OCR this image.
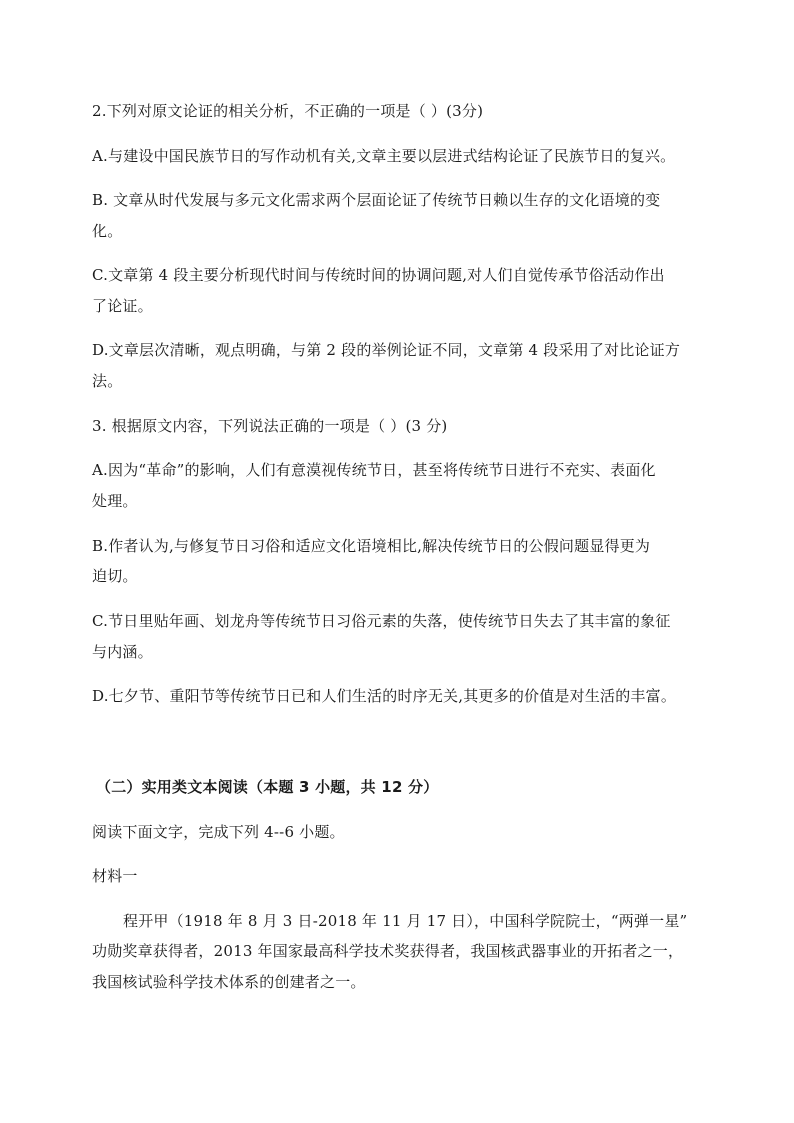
2.下列对原文论证的相关分析，不正确的一项是（ ）(3分)
A.与建设中国民族节日的写作动机有关,文章主要以层进式结构论证了民族节日的复兴。
B. 文章从时代发展与多元文化需求两个层面论证了传统节日赖以生存的文化语境的变
化。
C.文章第 4 段主要分析现代时间与传统时间的协调问题,对人们自觉传承节俗活动作出
了论证。
D.文章层次清晰，观点明确，与第 2 段的举例论证不同，文章第 4 段采用了对比论证方
法。
3. 根据原文内容，下列说法正确的一项是（ ）(3 分)
A.因为“革命”的影响，人们有意漠视传统节日，甚至将传统节日进行不充实、表面化
处理。
B.作者认为,与修复节日习俗和适应文化语境相比,解决传统节日的公假问题显得更为
迫切。
C.节日里贴年画、划龙舟等传统节日习俗元素的失落，使传统节日失去了其丰富的象征
与内涵。
D.七夕节、重阳节等传统节日已和人们生活的时序无关,其更多的价值是对生活的丰富。
（二）实用类文本阅读（本题 3 小题，共 12 分）
阅读下面文字，完成下列 4--6 小题。
材料一
程开甲（1918 年 8 月 3 日-2018 年 11 月 17 日），中国科学院院士，“两弹一星”
功勋奖章获得者，2013 年国家最高科学技术奖获得者，我国核武器事业的开拓者之一，
我国核试验科学技术体系的创建者之一。
